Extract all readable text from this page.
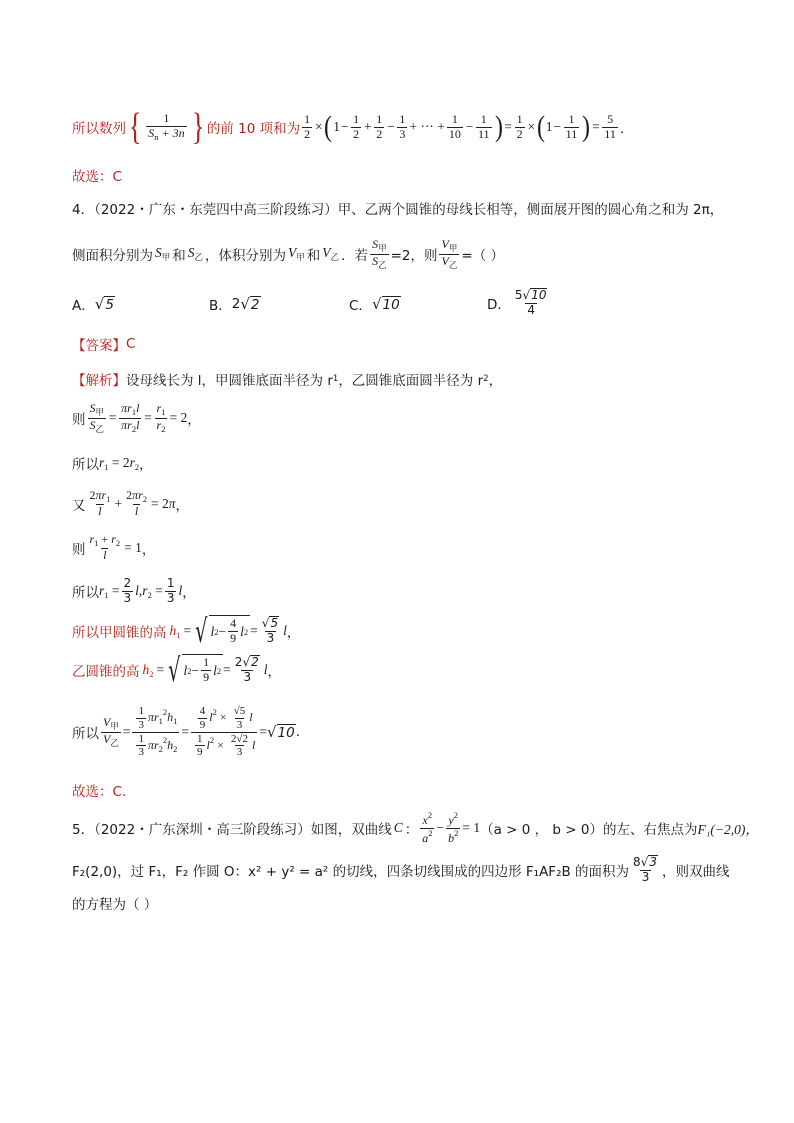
所以数列 { $\frac{1}{S_n + 3n}$ } 的前 10 项和为 $\frac{1}{2}$ × ( $1 - \frac{1}{2} + \frac{1}{2} - \frac{1}{3}$ + ··· + $\frac{1}{10} - \frac{1}{11}$ ) = $\frac{1}{2}$ × ( $1 - \frac{1}{11}$ ) = $\frac{5}{11}$ ．
故选：C
4．（2022・广东・东莞四中高三阶段练习）甲、乙两个圆锥的母线长相等，侧面展开图的圆心角之和为 2π，
侧面积分别为 $S_甲$ 和 $S_乙$ ，体积分别为 $V_甲$ 和 $V_乙$ ．若 $\frac{S_甲}{S_乙} =2$，则 $\frac{V_甲}{V_乙}$ =（ ）
A． √ 5	B． 2 √ 2	C． √ 10	D． $\frac{5 √ 10}{4}$
【答案】 C
【解析】 设母线长为 l，甲圆锥底面半径为 r 1 ，乙圆锥底面圆半径为 r 2 ，
则 $\frac{S_甲}{S_乙} = \frac{\pi r_1l}{\pi r_2l} = \frac{r_1}{r_2} = 2$ ，
所以 $r_1 = 2r_2$ ，
又 $\frac{2\pi r_1}{l} + \frac{2\pi r_2}{l} = 2\pi$ ，
则 $\frac{r_1 + r_2}{l} = 1$ ，
所以 $r_1 = \frac{2}{3} l,r_2 = \frac{1}{3}$ l ，
所以甲圆锥的高 $h_1$ = √ l $2 - \frac{4}{9}$ l $2 = \frac{√ 5}{3}$ l ，
乙圆锥的高 $h_2$ = √ l $2 - \frac{1}{9}$ l $2 = \frac{2 √ 2}{3}$ l ，
所以 $\frac{V_甲}{V_乙} = \frac{\frac{1}{3} \pi r_1^2h_1}{\frac{1}{3} \pi r_2^2h_2} = \frac{\frac{4}{9} l^2 \times \frac{√5}{3} l}{\frac{1}{9} l^2 \times \frac{2√2}{3} l}$ = √ 10 .
故选：C.
5．（2022・广东深圳・高三阶段练习）如图，双曲线 C ： $\frac{x^2}{a^2} - \frac{y^2}{b^2} = 1$ （a > 0 ， b > 0）的左、右焦点为 F₁(−2,0)，
F₂(2,0)，过 F₁，F₂ 作圆 O：x² + y² = a² 的切线，四条切线围成的四边形 F₁AF₂B 的面积为 $\frac{8 √ 3}{3}$ ，则双曲线
的方程为（ ）
